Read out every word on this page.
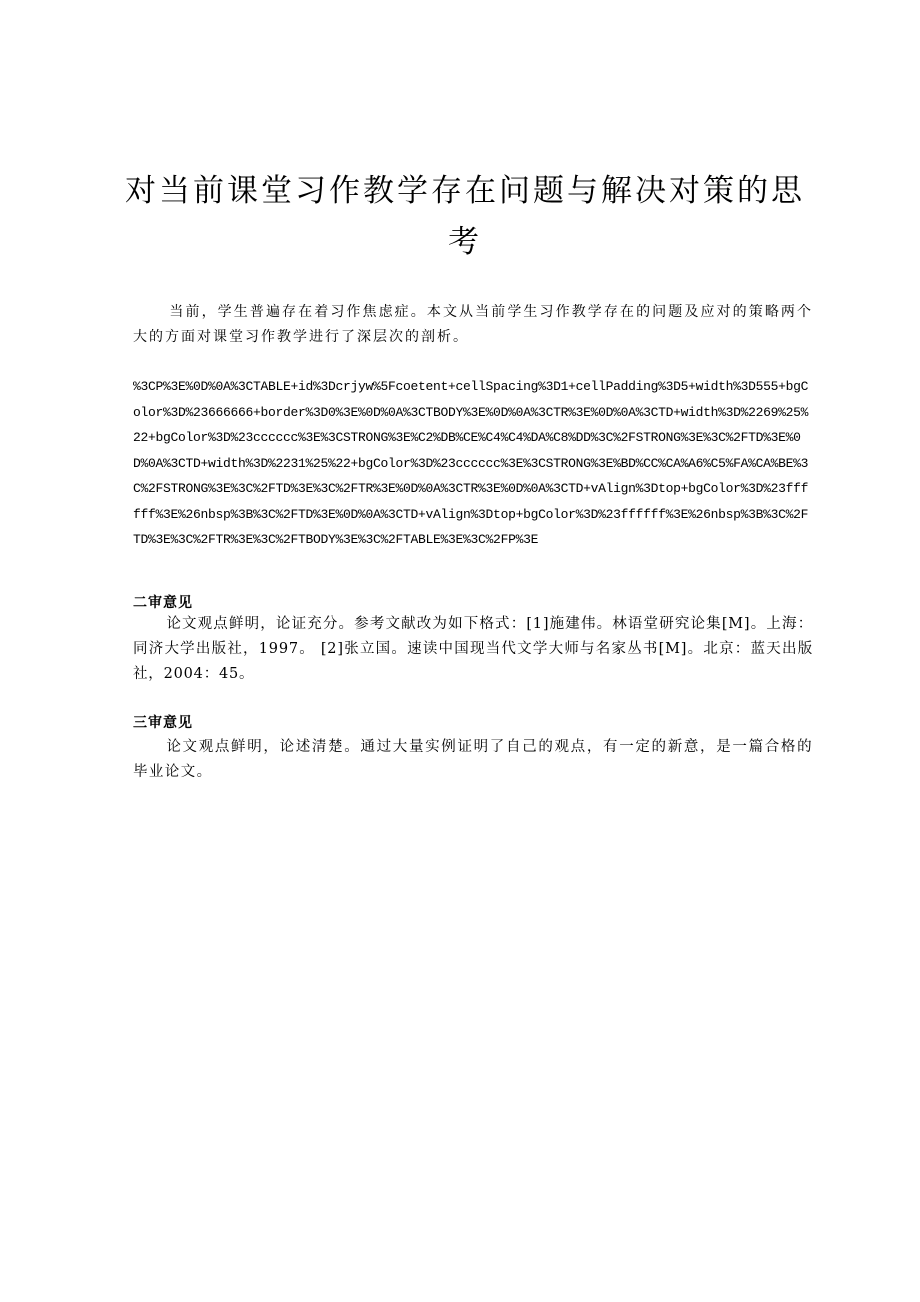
对当前课堂习作教学存在问题与解决对策的思考

当前，学生普遍存在着习作焦虑症。本文从当前学生习作教学存在的问题及应对的策略两个大的方面对课堂习作教学进行了深层次的剖析。

%3CP%3E%0D%0A%3CTABLE+id%3Dcrjyw%5Fcoetent+cellSpacing%3D1+cellPadding%3D5+width%3D555+bgColor%3D%23666666+border%3D0%3E%0D%0A%3CTBODY%3E%0D%0A%3CTR%3E%0D%0A%3CTD+width%3D%2269%25%22+bgColor%3D%23cccccc%3E%3CSTRONG%3E%C2%DB%CE%C4%C4%DA%C8%DD%3C%2FSTRONG%3E%3C%2FTD%3E%0D%0A%3CTD+width%3D%2231%25%22+bgColor%3D%23cccccc%3E%3CSTRONG%3E%BD%CC%CA%A6%C5%FA%CA%BE%3C%2FSTRONG%3E%3C%2FTD%3E%3C%2FTR%3E%0D%0A%3CTR%3E%0D%0A%3CTD+vAlign%3Dtop+bgColor%3D%23ffffff%3E%26nbsp%3B%3C%2FTD%3E%0D%0A%3CTD+vAlign%3Dtop+bgColor%3D%23ffffff%3E%26nbsp%3B%3C%2FTD%3E%3C%2FTR%3E%3C%2FTBODY%3E%3C%2FTABLE%3E%3C%2FP%3E

二审意见

论文观点鲜明，论证充分。参考文献改为如下格式：[1]施建伟。林语堂研究论集[M]。上海：同济大学出版社，1997。 [2]张立国。速读中国现当代文学大师与名家丛书[M]。北京：蓝天出版社，2004：45。

三审意见

论文观点鲜明，论述清楚。通过大量实例证明了自己的观点，有一定的新意，是一篇合格的毕业论文。
